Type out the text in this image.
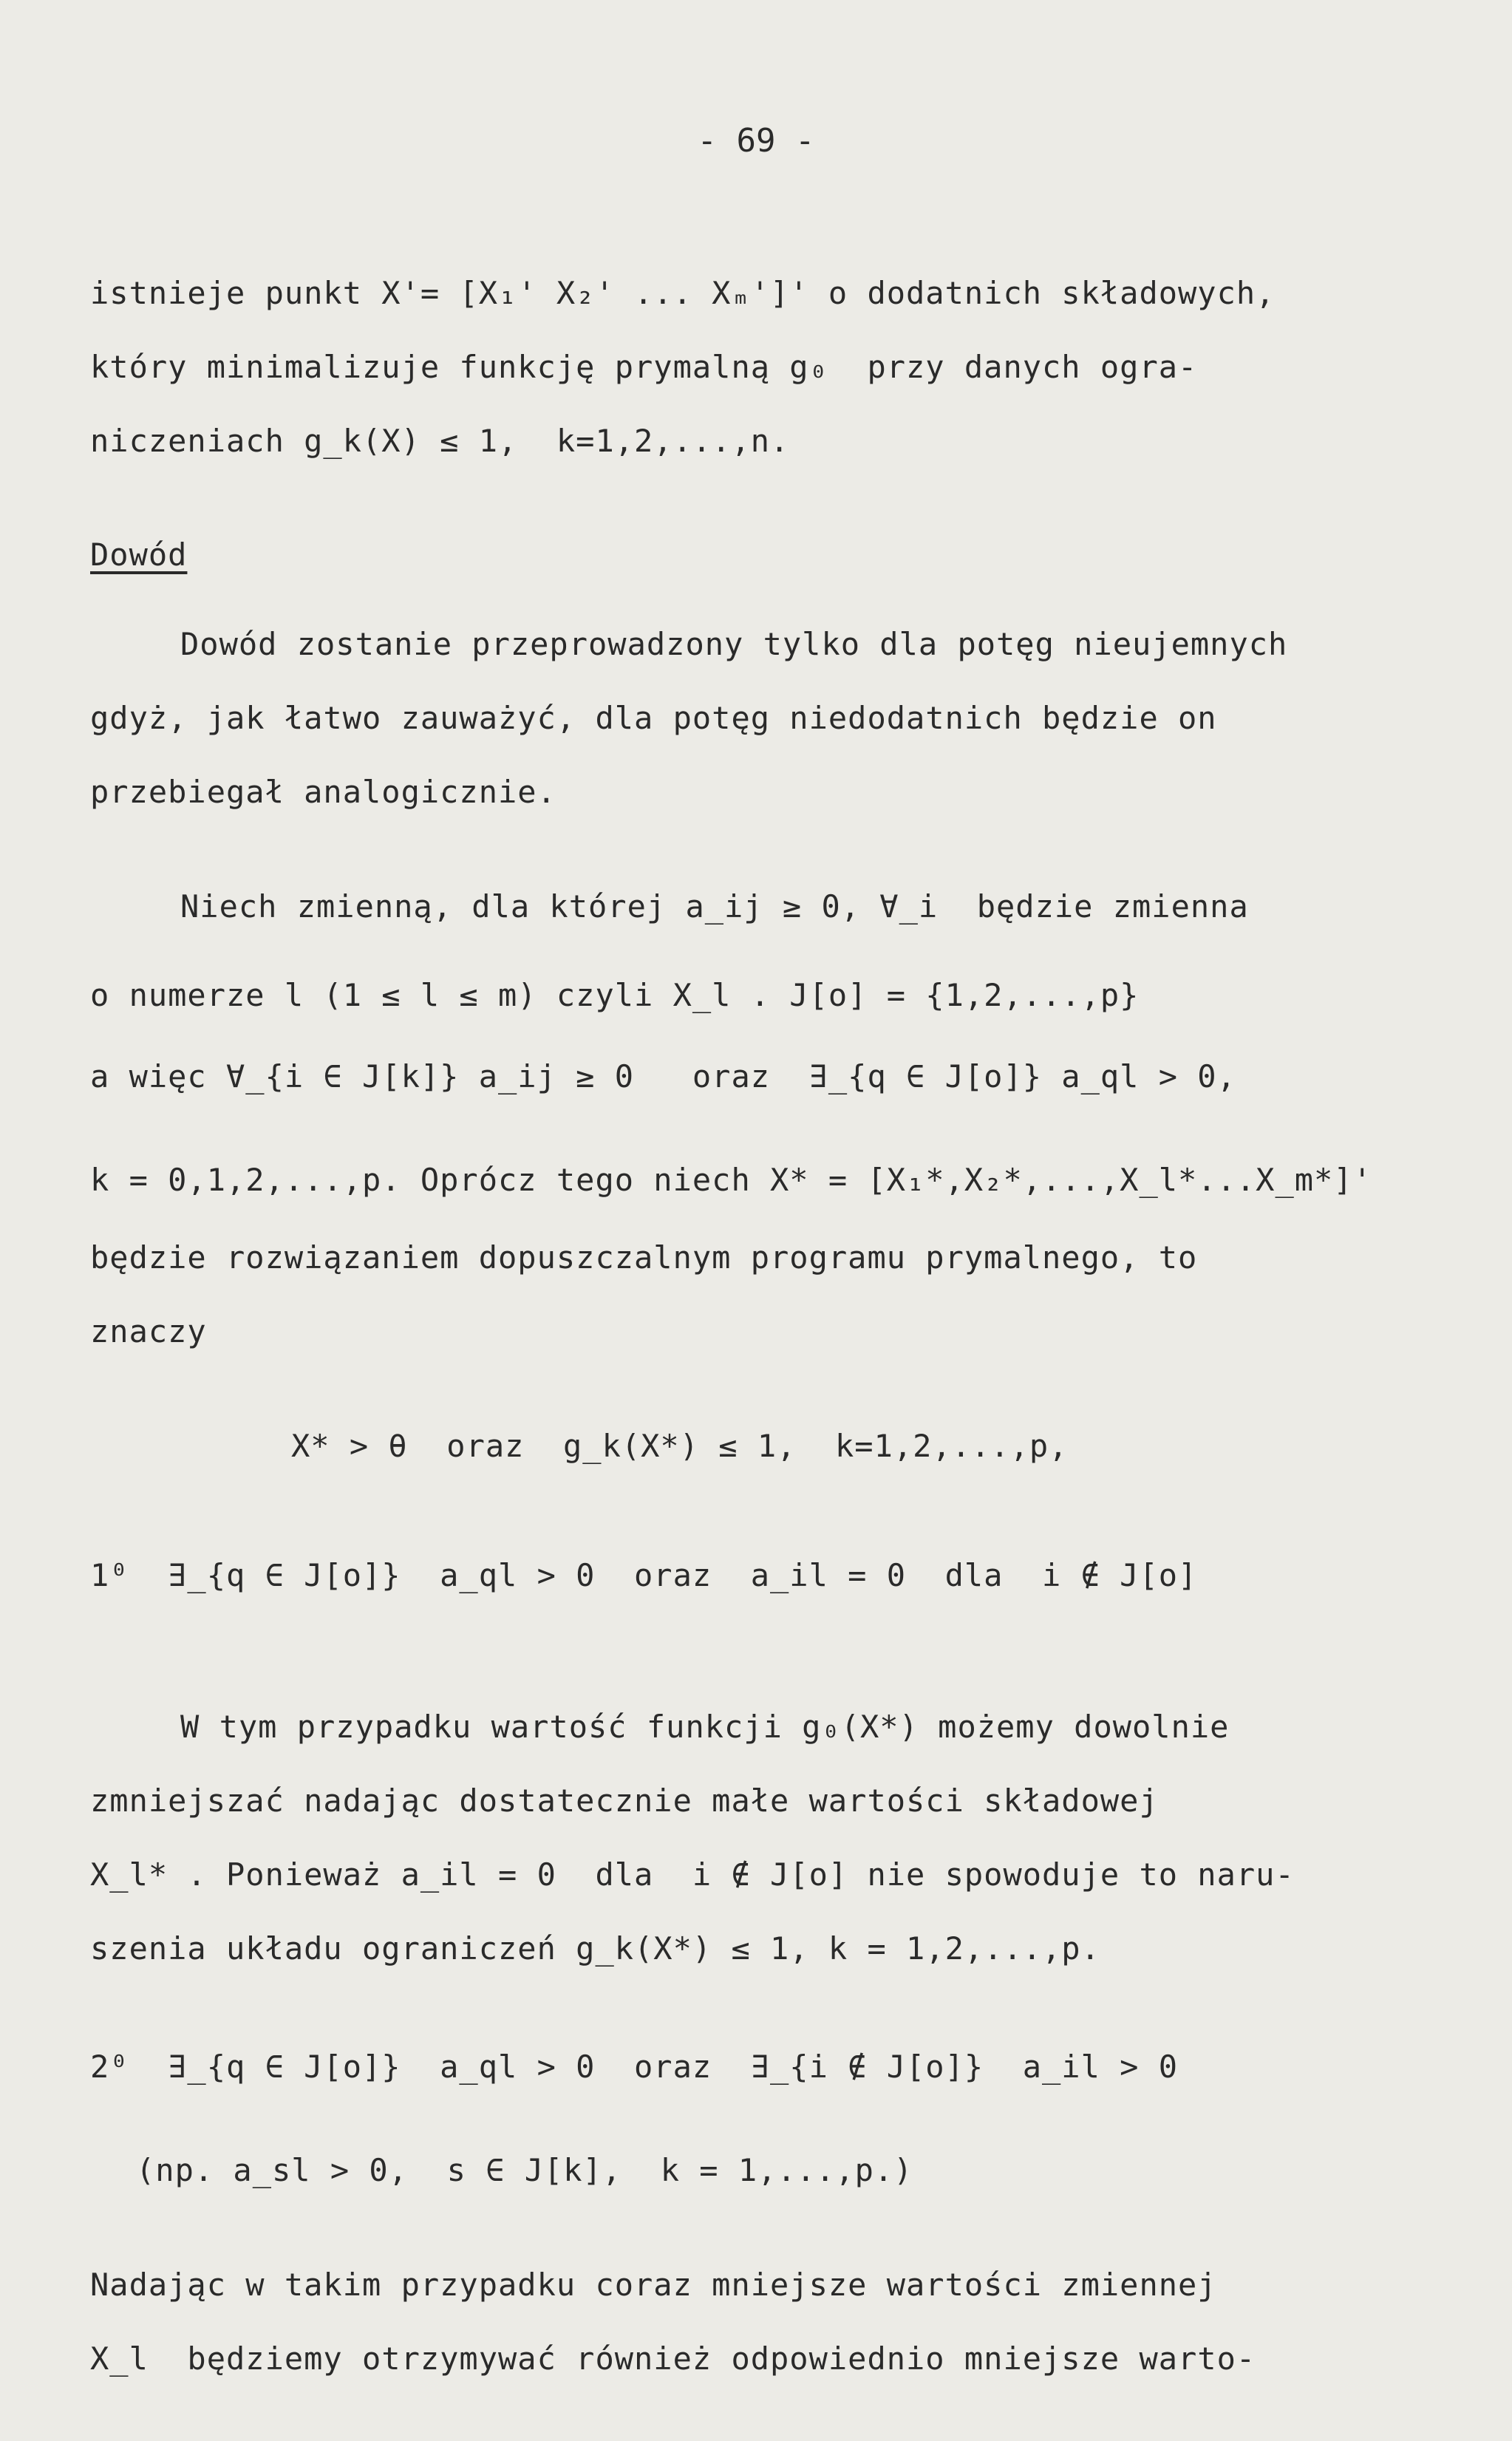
- 69 -
istnieje punkt X'= [X₁' X₂' ... Xₘ']' o dodatnich składowych,
który minimalizuje funkcję prymalną g₀  przy danych ogra-
niczeniach g_k(X) ≤ 1,  k=1,2,...,n.
Dowód
Dowód zostanie przeprowadzony tylko dla potęg nieujemnych
gdyż, jak łatwo zauważyć, dla potęg niedodatnich będzie on
przebiegał analogicznie.
Niech zmienną, dla której a_ij ≥ 0, ∀_i  będzie zmienna
o numerze l (1 ≤ l ≤ m) czyli X_l . J[o] = {1,2,...,p}
a więc ∀_{i ∈ J[k]} a_ij ≥ 0   oraz  ∃_{q ∈ J[o]} a_ql > 0,
k = 0,1,2,...,p. Oprócz tego niech X* = [X₁*,X₂*,...,X_l*...X_m*]'
będzie rozwiązaniem dopuszczalnym programu prymalnego, to
znaczy
X* > θ  oraz  g_k(X*) ≤ 1,  k=1,2,...,p,
1⁰  ∃_{q ∈ J[o]}  a_ql > 0  oraz  a_il = 0  dla  i ∉ J[o]
W tym przypadku wartość funkcji g₀(X*) możemy dowolnie
zmniejszać nadając dostatecznie małe wartości składowej
X_l* . Ponieważ a_il = 0  dla  i ∉ J[o] nie spowoduje to naru-
szenia układu ograniczeń g_k(X*) ≤ 1, k = 1,2,...,p.
2⁰  ∃_{q ∈ J[o]}  a_ql > 0  oraz  ∃_{i ∉ J[o]}  a_il > 0
(np. a_sl > 0,  s ∈ J[k],  k = 1,...,p.)
Nadając w takim przypadku coraz mniejsze wartości zmiennej
X_l  będziemy otrzymywać również odpowiednio mniejsze warto-
